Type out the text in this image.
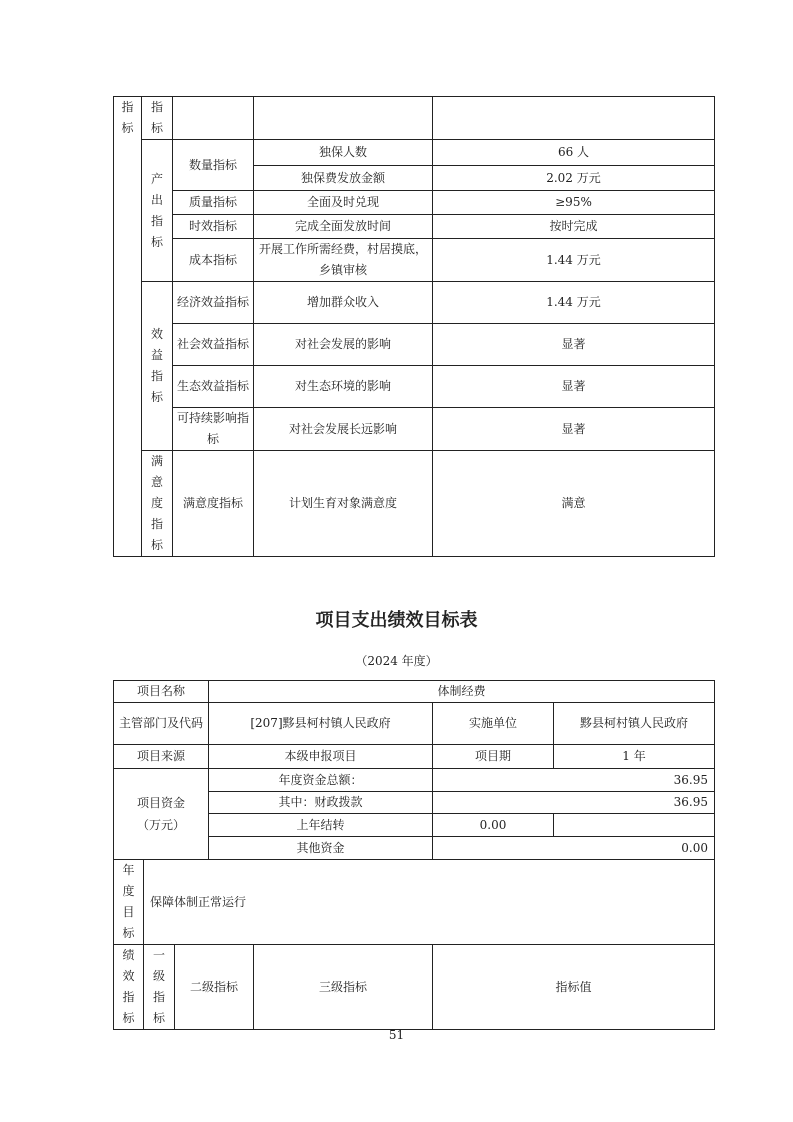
指标	指标			

	产出指标	数量指标	独保人数	66 人
			独保费发放金额	2.02 万元
		质量指标	全面及时兑现	≥95%
		时效指标	完成全面发放时间	按时完成
		成本指标	开展工作所需经费，村居摸底，乡镇审核	1.44 万元

	效益指标	经济效益指标	增加群众收入	1.44 万元
		社会效益指标	对社会发展的影响	显著
		生态效益指标	对生态环境的影响	显著
		可持续影响指标	对社会发展长远影响	显著

	满意度指标	满意度指标	计划生育对象满意度	满意
项目支出绩效目标表
（2024 年度）
项目名称			体制经费			
主管部门及代码			[207]黟县柯村镇人民政府		实施单位	黟县柯村镇人民政府
项目来源			本级申报项目		项目期	1 年

项目资金（万元）			年度资金总额：		36.95	
			其中：财政拨款		36.95	
			上年结转		0.00	
			其他资金		0.00	

年度目标	保障体制正常运行					

绩效指标	一级指标	二级指标		三级指标	指标值	
51
